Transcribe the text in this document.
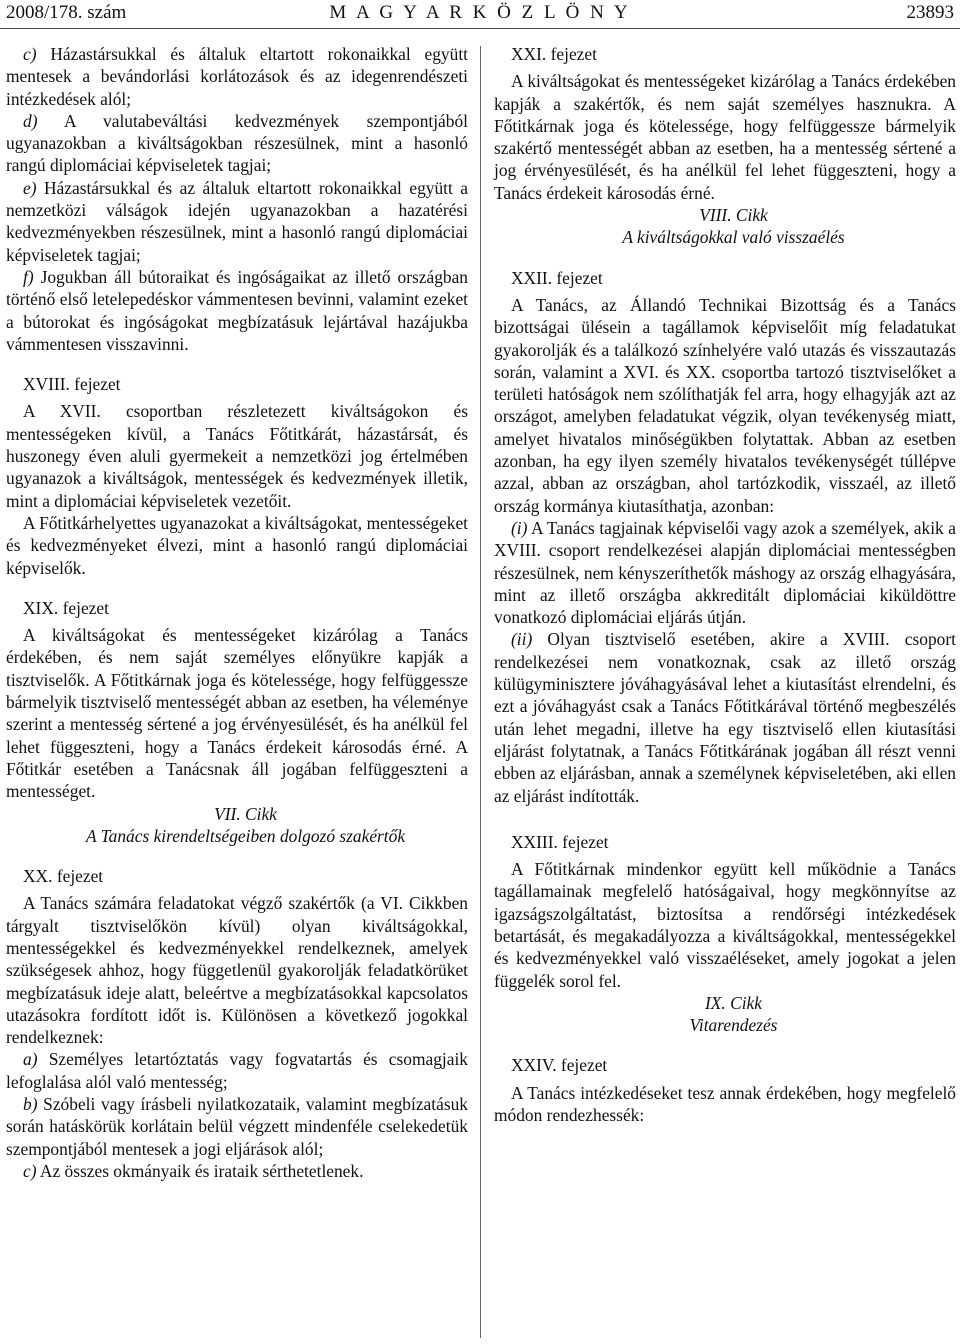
2008/178. szám	M A G Y A R K Ö Z L Ö N Y	23893

c) Házastársukkal és általuk eltartott rokonaikkal együtt mentesek a bevándorlási korlátozások és az idegenrendészeti intézkedések alól;

d) A valutabeváltási kedvezmények szempontjából ugyanazokban a kiváltságokban részesülnek, mint a hasonló rangú diplomáciai képviseletek tagjai;

e) Házastársukkal és az általuk eltartott rokonaikkal együtt a nemzetközi válságok idején ugyanazokban a hazatérési kedvezményekben részesülnek, mint a hasonló rangú diplomáciai képviseletek tagjai;

f) Jogukban áll bútoraikat és ingóságaikat az illető országban történő első letelepedéskor vámmentesen bevinni, valamint ezeket a bútorokat és ingóságokat megbízatásuk lejártával hazájukba vámmentesen visszavinni.

XVIII. fejezet

A XVII. csoportban részletezett kiváltságokon és mentességeken kívül, a Tanács Főtitkárát, házastársát, és huszonegy éven aluli gyermekeit a nemzetközi jog értelmében ugyanazok a kiváltságok, mentességek és kedvezmények illetik, mint a diplomáciai képviseletek vezetőit.

A Főtitkárhelyettes ugyanazokat a kiváltságokat, mentességeket és kedvezményeket élvezi, mint a hasonló rangú diplomáciai képviselők.

XIX. fejezet

A kiváltságokat és mentességeket kizárólag a Tanács érdekében, és nem saját személyes előnyükre kapják a tisztviselők. A Főtitkárnak joga és kötelessége, hogy felfüggessze bármelyik tisztviselő mentességét abban az esetben, ha véleménye szerint a mentesség sértené a jog érvényesülését, és ha anélkül fel lehet függeszteni, hogy a Tanács érdekeit károsodás érné. A Főtitkár esetében a Tanácsnak áll jogában felfüggeszteni a mentességet.

VII. Cikk

A Tanács kirendeltségeiben dolgozó szakértők

XX. fejezet

A Tanács számára feladatokat végző szakértők (a VI. Cikkben tárgyalt tisztviselőkön kívül) olyan kiváltságokkal, mentességekkel és kedvezményekkel rendelkeznek, amelyek szükségesek ahhoz, hogy függetlenül gyakorolják feladatkörüket megbízatásuk ideje alatt, beleértve a megbízatásokkal kapcsolatos utazásokra fordított időt is. Különösen a következő jogokkal rendelkeznek:

a) Személyes letartóztatás vagy fogvatartás és csomagjaik lefoglalása alól való mentesség;

b) Szóbeli vagy írásbeli nyilatkozataik, valamint megbízatásuk során hatáskörük korlátain belül végzett mindenféle cselekedetük szempontjából mentesek a jogi eljárások alól;

c) Az összes okmányaik és irataik sérthetetlenek.

XXI. fejezet

A kiváltságokat és mentességeket kizárólag a Tanács érdekében kapják a szakértők, és nem saját személyes hasznukra. A Főtitkárnak joga és kötelessége, hogy felfüggessze bármelyik szakértő mentességét abban az esetben, ha a mentesség sértené a jog érvényesülését, és ha anélkül fel lehet függeszteni, hogy a Tanács érdekeit károsodás érné.

VIII. Cikk

A kiváltságokkal való visszaélés

XXII. fejezet

A Tanács, az Állandó Technikai Bizottság és a Tanács bizottságai ülésein a tagállamok képviselőit míg feladatukat gyakorolják és a találkozó színhelyére való utazás és visszautazás során, valamint a XVI. és XX. csoportba tartozó tisztviselőket a területi hatóságok nem szólíthatják fel arra, hogy elhagyják azt az országot, amelyben feladatukat végzik, olyan tevékenység miatt, amelyet hivatalos minőségükben folytattak. Abban az esetben azonban, ha egy ilyen személy hivatalos tevékenységét túllépve azzal, abban az országban, ahol tartózkodik, visszaél, az illető ország kormánya kiutasíthatja, azonban:

(i) A Tanács tagjainak képviselői vagy azok a személyek, akik a XVIII. csoport rendelkezései alapján diplomáciai mentességben részesülnek, nem kényszeríthetők máshogy az ország elhagyására, mint az illető országba akkreditált diplomáciai kiküldöttre vonatkozó diplomáciai eljárás útján.

(ii) Olyan tisztviselő esetében, akire a XVIII. csoport rendelkezései nem vonatkoznak, csak az illető ország külügyminisztere jóváhagyásával lehet a kiutasítást elrendelni, és ezt a jóváhagyást csak a Tanács Főtitkárával történő megbeszélés után lehet megadni, illetve ha egy tisztviselő ellen kiutasítási eljárást folytatnak, a Tanács Főtitkárának jogában áll részt venni ebben az eljárásban, annak a személynek képviseletében, aki ellen az eljárást indították.

XXIII. fejezet

A Főtitkárnak mindenkor együtt kell működnie a Tanács tagállamainak megfelelő hatóságaival, hogy megkönnyítse az igazságszolgáltatást, biztosítsa a rendőrségi intézkedések betartását, és megakadályozza a kiváltságokkal, mentességekkel és kedvezményekkel való visszaéléseket, amely jogokat a jelen függelék sorol fel.

IX. Cikk

Vitarendezés

XXIV. fejezet

A Tanács intézkedéseket tesz annak érdekében, hogy megfelelő módon rendezhessék:
